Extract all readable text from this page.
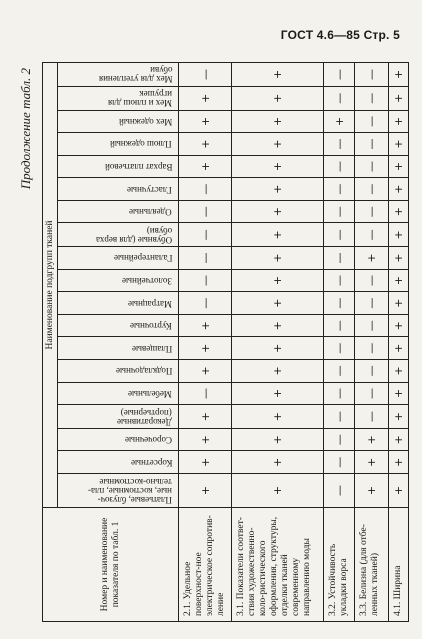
ГОСТ 4.6—85 Стр. 5
Продолжение табл. 2
Номер и наименование показателя по табл. 1	Наименование подгрупп тканей																		
	Платьевые, блузоч-
ные, костюмные, пла-
тельно-костюмные	Корсетные	Сорочечные	Декоративные
(портьерные)	Мебельные	Подкладочные	Плащевые	Курточные	Матрацные	Золотчейные	Галантерейные	Обувные (для верха
обуви)	Одеяльные	Гластучные	Вархат платьевой	Плюш одежный	Мех одежный	Мех и плюш для
игрушек	Мех для утепления
обуви
2.1. Удельное поверхност-ное электрическое сопротив-ление	+	+	+	+	—	+	+	+	—	—	—	—	—	—	+	+	+	+	—
3.1. Показатели соответ-ствия художественно-коло-ристического оформления, структуры, отделки тканей современному направлению моды	+	+	+	+	+	+	+	+	+	+	+	+	+	+	+	+	+	+	+
3.2. Устойчивость укладки ворса	—	—	—	—	—	—	—	—	—	—	—	—	—	—	—	—	+	—	—
3.3. Белизна (для отбе-ленных тканей)	+	+	+	—	—	—	—	—	—	—	+	—	—	—	—	—	—	—	—
4.1. Ширина	+	+	+	+	+	+	+	+	+	+	+	+	+	+	+	+	+	+	+
